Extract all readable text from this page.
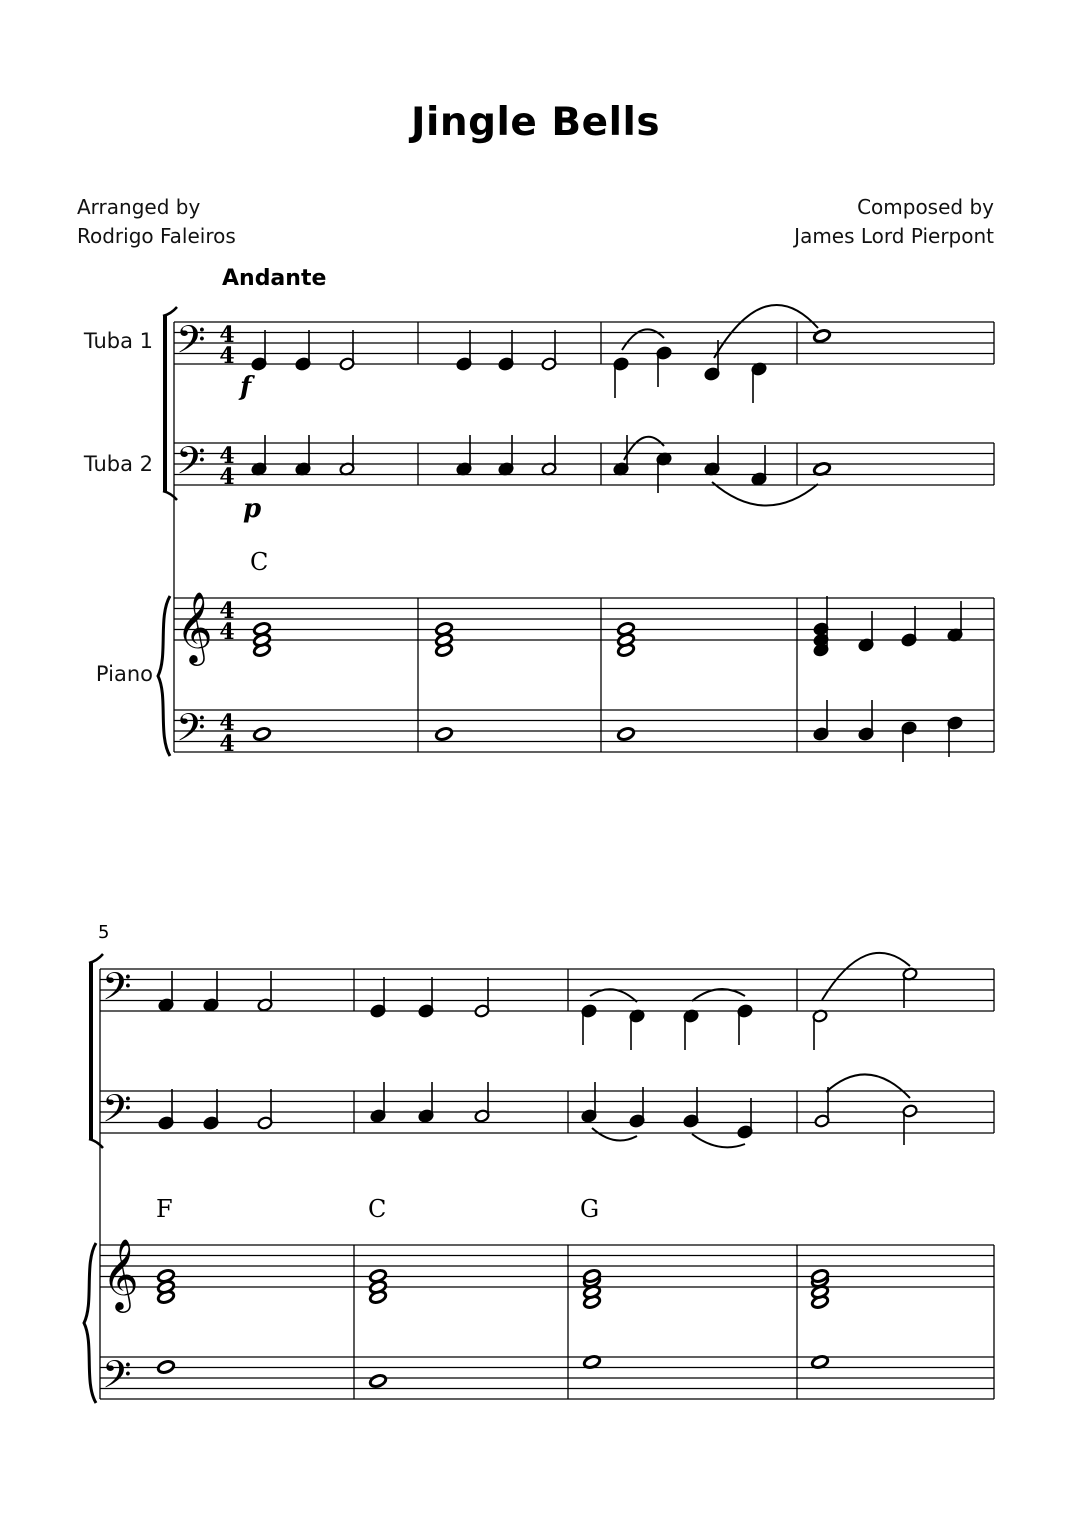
Jingle Bells
Arranged by
Rodrigo Faleiros
Composed by
James Lord Pierpont
Andante
Tuba 1
Tuba 2
Piano
5
𝄢
𝄢
𝄞
𝄢
4
4
4
4
4
4
4
4
f
p
C
𝄢
𝄢
𝄞
𝄢
F	C	G
